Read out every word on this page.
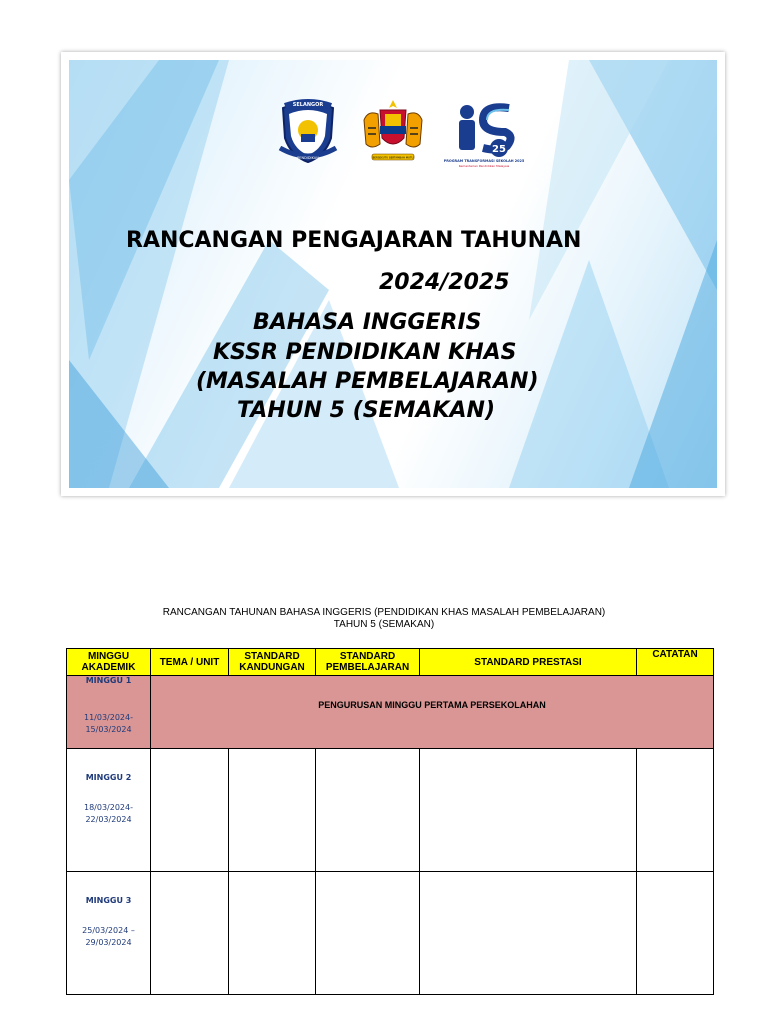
SELANGOR
PENDIDIKAN	BERSEKUTU BERTAMBAH MUTU
25
PROGRAM TRANSFORMASI SEKOLAH 2025
Kementerian Pendidikan Malaysia
RANCANGAN PENGAJARAN TAHUNAN
2024/2025
BAHASA INGGERIS
KSSR PENDIDIKAN KHAS
(MASALAH PEMBELAJARAN)
TAHUN 5 (SEMAKAN)
RANCANGAN TAHUNAN BAHASA INGGERIS (PENDIDIKAN KHAS MASALAH PEMBELAJARAN)
TAHUN 5 (SEMAKAN)
MINGGU AKADEMIK	TEMA / UNIT	STANDARD KANDUNGAN	STANDARD PEMBELAJARAN	STANDARD PRESTASI	CATATAN

MINGGU 1
11/03/2024-15/03/2024	PENGURUSAN MINGGU PERTAMA PERSEKOLAHAN				

MINGGU 2
18/03/2024-22/03/2024					

MINGGU 3
25/03/2024 – 29/03/2024					
